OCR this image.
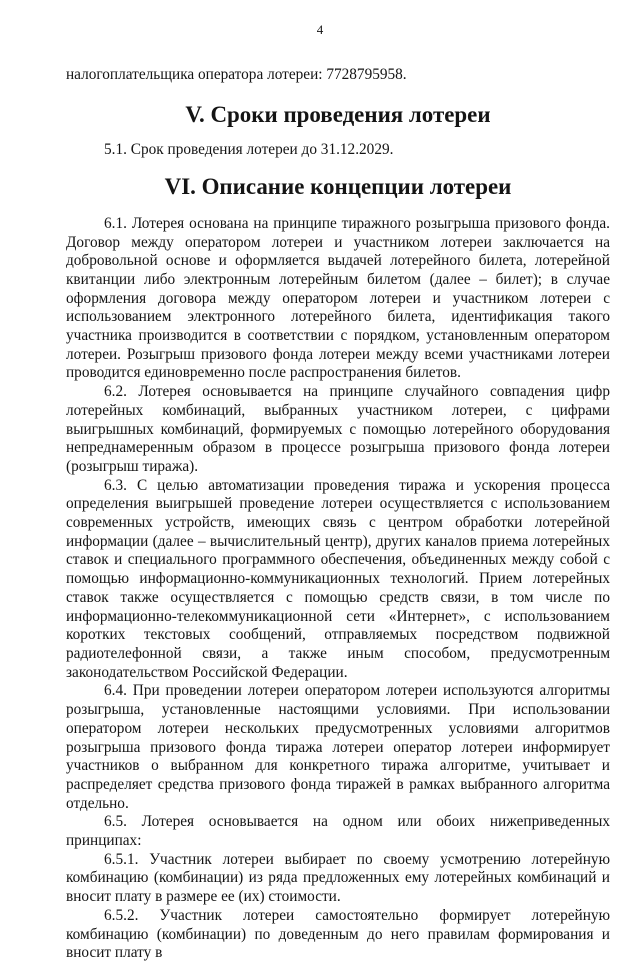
4

налогоплательщика оператора лотереи: 7728795958.

V. Сроки проведения лотереи

5.1. Срок проведения лотереи до 31.12.2029.

VI. Описание концепции лотереи

6.1. Лотерея основана на принципе тиражного розыгрыша призового фонда. Договор между оператором лотереи и участником лотереи заключается на добровольной основе и оформляется выдачей лотерейного билета, лотерейной квитанции либо электронным лотерейным билетом (далее – билет); в случае оформления договора между оператором лотереи и участником лотереи с использованием электронного лотерейного билета, идентификация такого участника производится в соответствии с порядком, установленным оператором лотереи. Розыгрыш призового фонда лотереи между всеми участниками лотереи проводится единовременно после распространения билетов.

6.2. Лотерея основывается на принципе случайного совпадения цифр лотерейных комбинаций, выбранных участником лотереи, с цифрами выигрышных комбинаций, формируемых с помощью лотерейного оборудования непреднамеренным образом в процессе розыгрыша призового фонда лотереи (розыгрыш тиража).

6.3. С целью автоматизации проведения тиража и ускорения процесса определения выигрышей проведение лотереи осуществляется с использованием современных устройств, имеющих связь с центром обработки лотерейной информации (далее – вычислительный центр), других каналов приема лотерейных ставок и специального программного обеспечения, объединенных между собой с помощью информационно-коммуникационных технологий. Прием лотерейных ставок также осуществляется с помощью средств связи, в том числе по информационно-телекоммуникационной сети «Интернет», с использованием коротких текстовых сообщений, отправляемых посредством подвижной радиотелефонной связи, а также иным способом, предусмотренным законодательством Российской Федерации.

6.4. При проведении лотереи оператором лотереи используются алгоритмы розыгрыша, установленные настоящими условиями. При использовании оператором лотереи нескольких предусмотренных условиями алгоритмов розыгрыша призового фонда тиража лотереи оператор лотереи информирует участников о выбранном для конкретного тиража алгоритме, учитывает и распределяет средства призового фонда тиражей в рамках выбранного алгоритма отдельно.

6.5. Лотерея основывается на одном или обоих нижеприведенных принципах:

6.5.1. Участник лотереи выбирает по своему усмотрению лотерейную комбинацию (комбинации) из ряда предложенных ему лотерейных комбинаций и вносит плату в размере ее (их) стоимости.

6.5.2. Участник лотереи самостоятельно формирует лотерейную комбинацию (комбинации) по доведенным до него правилам формирования и вносит плату в
